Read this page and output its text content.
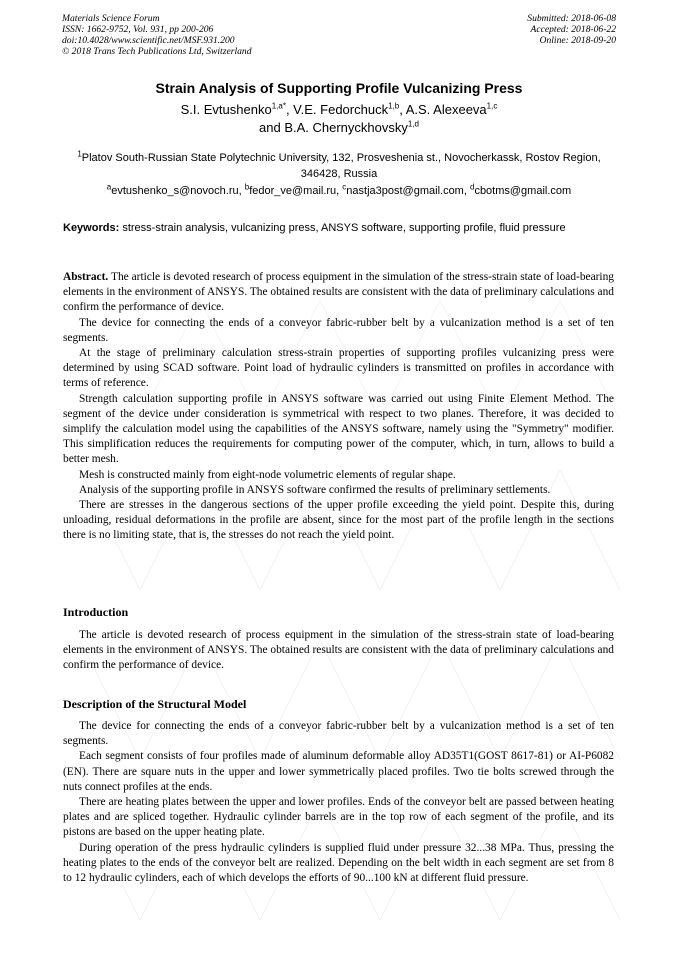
Materials Science Forum
ISSN: 1662-9752, Vol. 931, pp 200-206
doi:10.4028/www.scientific.net/MSF.931.200
© 2018 Trans Tech Publications Ltd, Switzerland
Submitted: 2018-06-08
Accepted: 2018-06-22
Online: 2018-09-20
Strain Analysis of Supporting Profile Vulcanizing Press
S.I. Evtushenko$^{1,a*}$, V.E. Fedorchuck$^{1,b}$, A.S. Alexeeva$^{1,c}$
and B.A. Chernyckhovsky$^{1,d}$
$^1$Platov South-Russian State Polytechnic University, 132, Prosveshenia st., Novocherkassk, Rostov Region, 346428, Russia
$^a$evtushenko_s@novoch.ru, $^b$fedor_ve@mail.ru, $^c$nastja3post@gmail.com, $^d$cbotms@gmail.com
Keywords: stress-strain analysis, vulcanizing press, ANSYS software, supporting profile, fluid pressure

Abstract. The article is devoted research of process equipment in the simulation of the stress-strain state of load-bearing elements in the environment of ANSYS. The obtained results are consistent with the data of preliminary calculations and confirm the performance of device.

The device for connecting the ends of a conveyor fabric-rubber belt by a vulcanization method is a set of ten segments.

At the stage of preliminary calculation stress-strain properties of supporting profiles vulcanizing press were determined by using SCAD software. Point load of hydraulic cylinders is transmitted on profiles in accordance with terms of reference.

Strength calculation supporting profile in ANSYS software was carried out using Finite Element Method. The segment of the device under consideration is symmetrical with respect to two planes. Therefore, it was decided to simplify the calculation model using the capabilities of the ANSYS software, namely using the "Symmetry" modifier. This simplification reduces the requirements for computing power of the computer, which, in turn, allows to build a better mesh.

Mesh is constructed mainly from eight-node volumetric elements of regular shape.

Analysis of the supporting profile in ANSYS software confirmed the results of preliminary settlements.

There are stresses in the dangerous sections of the upper profile exceeding the yield point. Despite this, during unloading, residual deformations in the profile are absent, since for the most part of the profile length in the sections there is no limiting state, that is, the stresses do not reach the yield point.

Introduction

The article is devoted research of process equipment in the simulation of the stress-strain state of load-bearing elements in the environment of ANSYS. The obtained results are consistent with the data of preliminary calculations and confirm the performance of device.

Description of the Structural Model

The device for connecting the ends of a conveyor fabric-rubber belt by a vulcanization method is a set of ten segments.

Each segment consists of four profiles made of aluminum deformable alloy AD35T1(GOST 8617-81) or AI-P6082 (EN). There are square nuts in the upper and lower symmetrically placed profiles. Two tie bolts screwed through the nuts connect profiles at the ends.

There are heating plates between the upper and lower profiles. Ends of the conveyor belt are passed between heating plates and are spliced together. Hydraulic cylinder barrels are in the top row of each segment of the profile, and its pistons are based on the upper heating plate.

During operation of the press hydraulic cylinders is supplied fluid under pressure 32...38 MPa. Thus, pressing the heating plates to the ends of the conveyor belt are realized. Depending on the belt width in each segment are set from 8 to 12 hydraulic cylinders, each of which develops the efforts of 90...100 kN at different fluid pressure.
